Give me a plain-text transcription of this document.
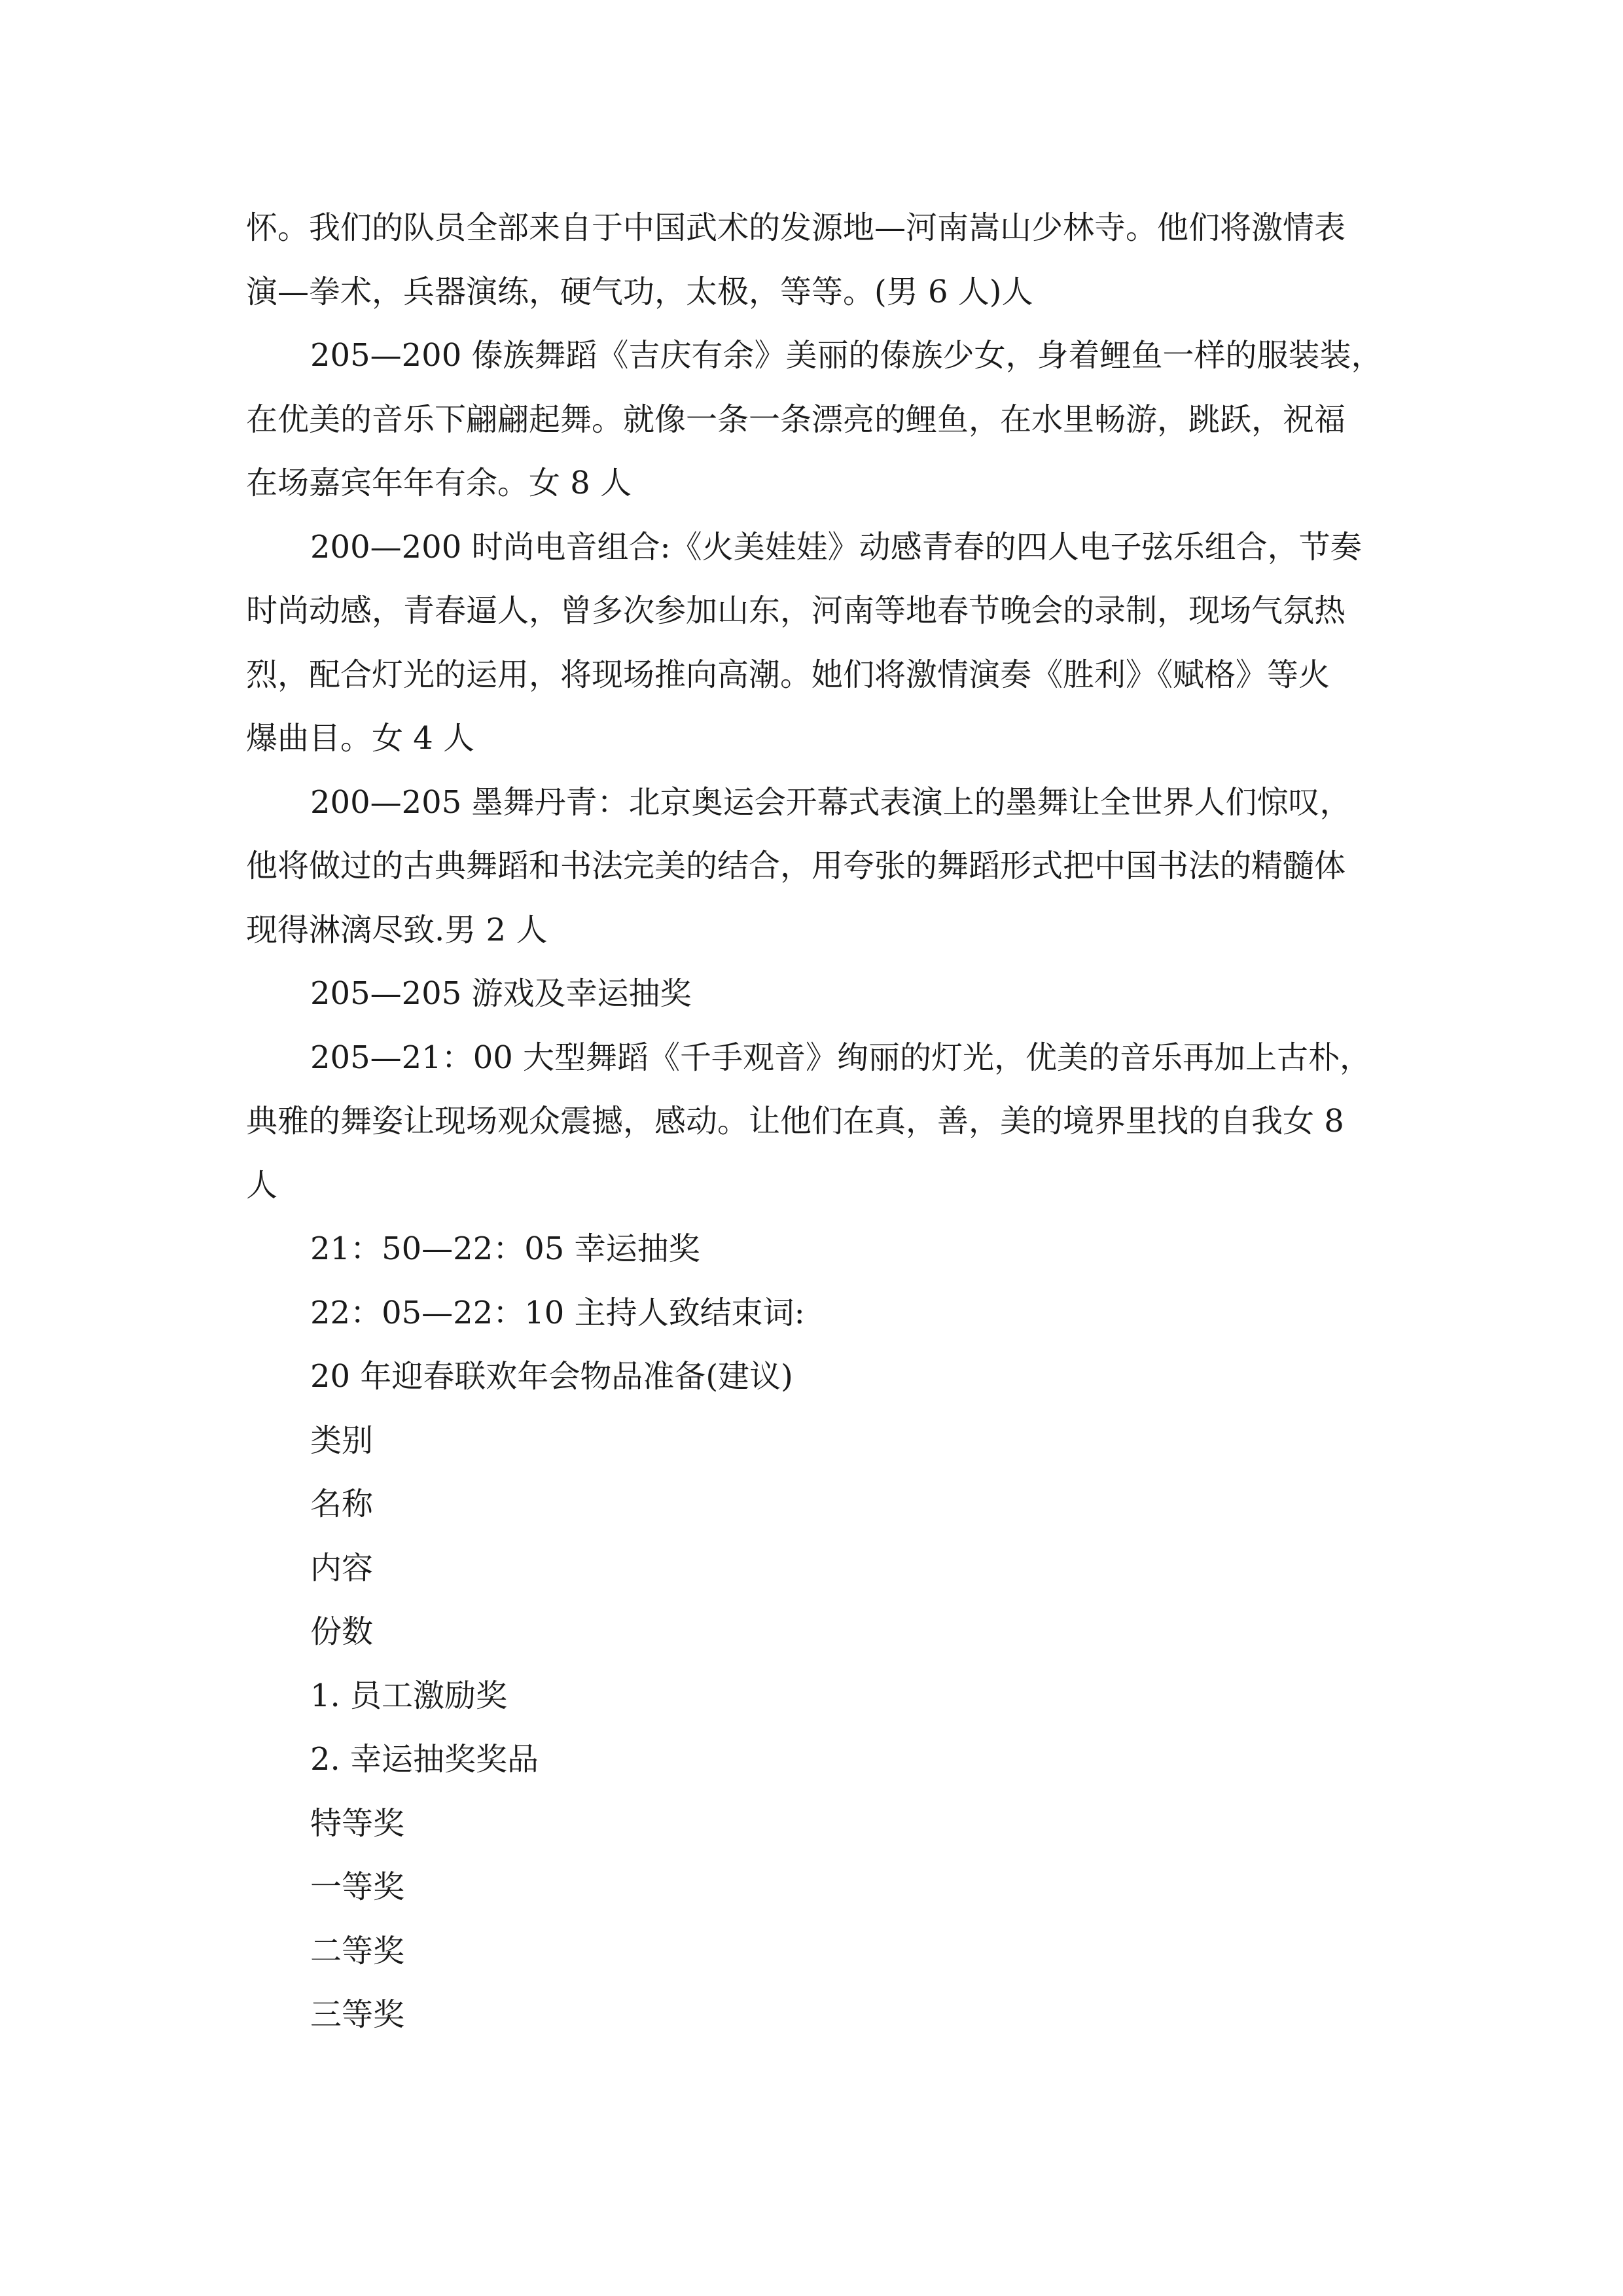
怀。我们的队员全部来自于中国武术的发源地—河南嵩山少林寺。他们将激情表
演—拳术，兵器演练，硬气功，太极，等等。(男 6 人)人

205—200 傣族舞蹈《吉庆有余》美丽的傣族少女，身着鲤鱼一样的服装装，
在优美的音乐下翩翩起舞。就像一条一条漂亮的鲤鱼，在水里畅游，跳跃，祝福
在场嘉宾年年有余。女 8 人

200—200 时尚电音组合:《火美娃娃》动感青春的四人电子弦乐组合，节奏
时尚动感，青春逼人，曾多次参加山东，河南等地春节晚会的录制，现场气氛热
烈，配合灯光的运用，将现场推向高潮。她们将激情演奏《胜利》《赋格》等火
爆曲目。女 4 人

200—205 墨舞丹青：北京奥运会开幕式表演上的墨舞让全世界人们惊叹，
他将做过的古典舞蹈和书法完美的结合，用夸张的舞蹈形式把中国书法的精髓体
现得淋漓尽致.男 2 人

205—205 游戏及幸运抽奖

205—21：00 大型舞蹈《千手观音》绚丽的灯光，优美的音乐再加上古朴，
典雅的舞姿让现场观众震撼，感动。让他们在真，善，美的境界里找的自我女 8
人

21：50—22：05 幸运抽奖

22：05—22：10 主持人致结束词:

20 年迎春联欢年会物品准备(建议)

类别

名称

内容

份数

1. 员工激励奖

2. 幸运抽奖奖品

特等奖

一等奖

二等奖

三等奖
